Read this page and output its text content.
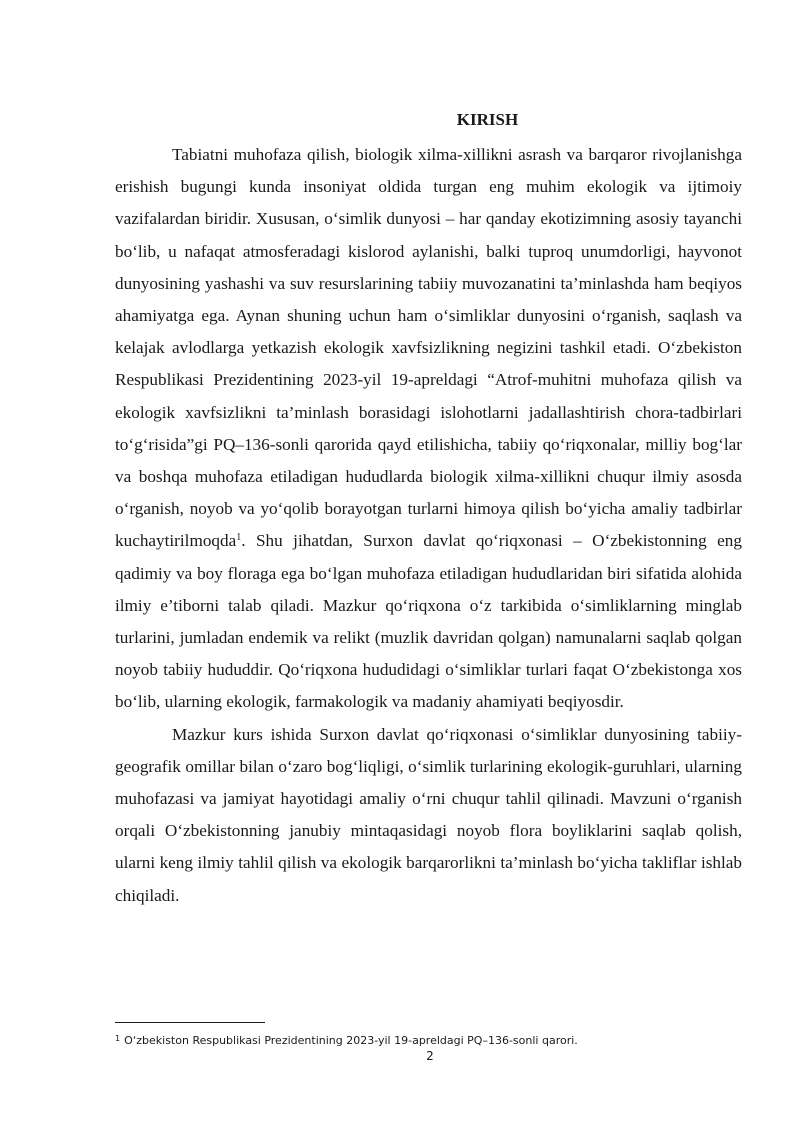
KIRISH

Tabiatni muhofaza qilish, biologik xilma-xillikni asrash va barqaror rivojlanishga erishish bugungi kunda insoniyat oldida turgan eng muhim ekologik va ijtimoiy vazifalardan biridir. Xususan, o‘simlik dunyosi – har qanday ekotizimning asosiy tayanchi bo‘lib, u nafaqat atmosferadagi kislorod aylanishi, balki tuproq unumdorligi, hayvonot dunyosining yashashi va suv resurslarining tabiiy muvozanatini ta’minlashda ham beqiyos ahamiyatga ega. Aynan shuning uchun ham o‘simliklar dunyosini o‘rganish, saqlash va kelajak avlodlarga yetkazish ekologik xavfsizlikning negizini tashkil etadi. O‘zbekiston Respublikasi Prezidentining 2023-yil 19-apreldagi “Atrof-muhitni muhofaza qilish va ekologik xavfsizlikni ta’minlash borasidagi islohotlarni jadallashtirish chora-tadbirlari to‘g‘risida”gi PQ–136-sonli qarorida qayd etilishicha, tabiiy qo‘riqxonalar, milliy bog‘lar va boshqa muhofaza etiladigan hududlarda biologik xilma-xillikni chuqur ilmiy asosda o‘rganish, noyob va yo‘qolib borayotgan turlarni himoya qilish bo‘yicha amaliy tadbirlar kuchaytirilmoqda$^1$. Shu jihatdan, Surxon davlat qo‘riqxonasi – O‘zbekistonning eng qadimiy va boy floraga ega bo‘lgan muhofaza etiladigan hududlaridan biri sifatida alohida ilmiy e’tiborni talab qiladi. Mazkur qo‘riqxona o‘z tarkibida o‘simliklarning minglab turlarini, jumladan endemik va relikt (muzlik davridan qolgan) namunalarni saqlab qolgan noyob tabiiy hududdir. Qo‘riqxona hududidagi o‘simliklar turlari faqat O‘zbekistonga xos bo‘lib, ularning ekologik, farmakologik va madaniy ahamiyati beqiyosdir.

Mazkur kurs ishida Surxon davlat qo‘riqxonasi o‘simliklar dunyosining tabiiy-geografik omillar bilan o‘zaro bog‘liqligi, o‘simlik turlarining ekologik-guruhlari, ularning muhofazasi va jamiyat hayotidagi amaliy o‘rni chuqur tahlil qilinadi. Mavzuni o‘rganish orqali O‘zbekistonning janubiy mintaqasidagi noyob flora boyliklarini saqlab qolish, ularni keng ilmiy tahlil qilish va ekologik barqarorlikni ta’minlash bo‘yicha takliflar ishlab chiqiladi.

$^1$ O‘zbekiston Respublikasi Prezidentining 2023-yil 19-apreldagi PQ–136-sonli qarori.
2
